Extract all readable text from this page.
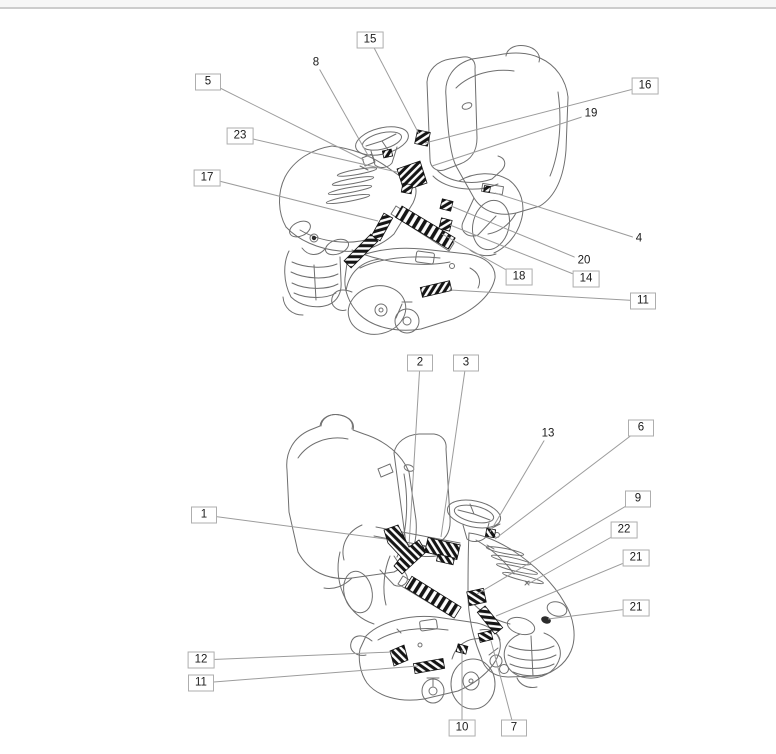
15
8
5
23
17
16
19
4
20
14
18
11
2	3
13	6
1
9
22
21
21
12
11
10	7
